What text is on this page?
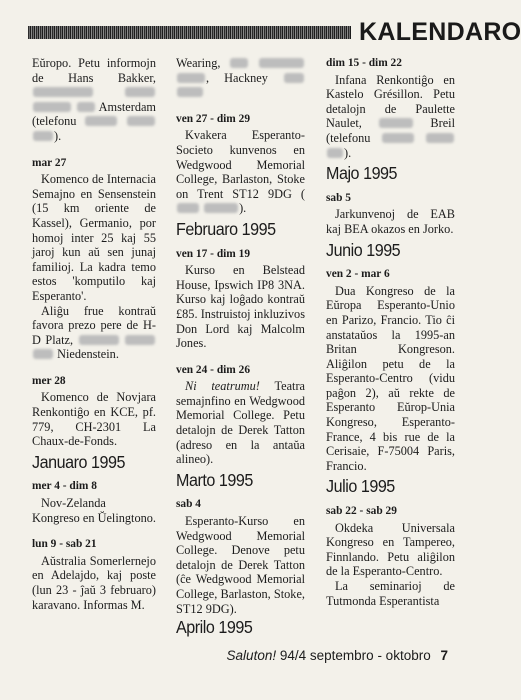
KALENDARO

Eŭropo. Petu informojn de Hans Bakker,     Amsterdam (telefonu   ).

mar 27

Komenco de Internacia Semajno en Sensenstein (15 km oriente de Kassel), Germanio, por homoj inter 25 kaj 55 jaroj kun aŭ sen junaj familioj. La kadra temo estos 'komputilo kaj Esperanto'.

Aliĝu frue kontraŭ favora prezo pere de H-D Platz,    Niedenstein.

mer 28

Komenco de Novjara Renkontiĝo en KCE, pf. 779, CH-2301 La Chaux-de-Fonds.

Januaro 1995
mer 4 - dim 8

Nov-Zelanda Kongreso en Ŭelingtono.

lun 9 - sab 21

Aŭstralia Somerlernejo en Adelajdo, kaj poste (lun 23 - ĵaŭ 3 februaro) karavano. Informas M.

Wearing,   , Hackney

ven 27 - dim 29

Kvakera Esperanto-Societo kunvenos en Wedgwood Memorial College, Barlaston, Stoke on Trent ST12 9DG ( ).

Februaro 1995
ven 17 - dim 19

Kurso en Belstead House, Ipswich IP8 3NA. Kurso kaj loĝado kontraŭ £85. Instruistoj inkluzivos Don Lord kaj Malcolm Jones.

ven 24 - dim 26

Ni teatrumu! Teatra semajnfino en Wedgwood Memorial College. Petu detalojn de Derek Tatton (adreso en la antaŭa alineo).

Marto 1995
sab 4

Esperanto-Kurso en Wedgwood Memorial College. Denove petu detalojn de Derek Tatton (ĉe Wedgwood Memorial College, Barlaston, Stoke, ST12 9DG).

Aprilo 1995
dim 15 - dim 22

Infana Renkontiĝo en Kastelo Grésillon. Petu detalojn de Paulette Naulet,	Breil (telefonu   ).

Majo 1995
sab 5

Jarkunvenoj de EAB kaj BEA okazos en Jorko.

Junio 1995
ven 2 - mar 6

Dua Kongreso de la Eŭropa Esperanto-Unio en Parizo, Francio. Tio ĉi anstataŭos la 1995-an Britan Kongreson. Aliĝilon petu de la Esperanto-Centro (vidu paĝon 2), aŭ rekte de Esperanto Eŭrop-Unia Kongreso, Esperanto-France, 4 bis rue de la Cerisaie, F-75004 Paris, Francio.

Julio 1995
sab 22 - sab 29

Okdeka Universala Kongreso en Tampereo, Finnlando. Petu aliĝilon de la Esperanto-Centro.

La seminarioj de Tutmonda Esperantista

Saluton! 94/4 septembro - oktobro 7
